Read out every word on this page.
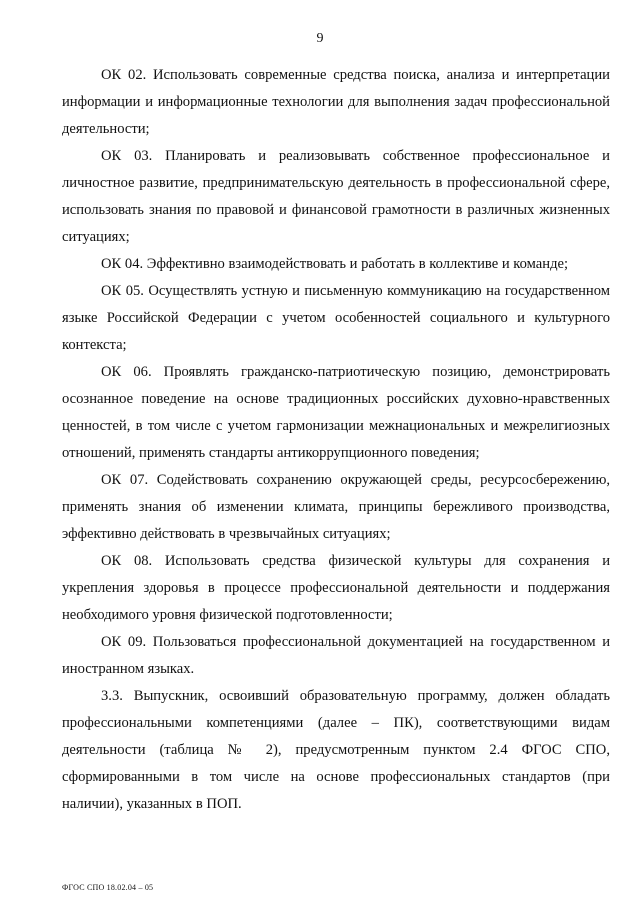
9

ОК 02. Использовать современные средства поиска, анализа и интерпретации информации и информационные технологии для выполнения задач профессиональной деятельности;

ОК 03. Планировать и реализовывать собственное профессиональное и личностное развитие, предпринимательскую деятельность в профессиональной сфере, использовать знания по правовой и финансовой грамотности в различных жизненных ситуациях;

ОК 04. Эффективно взаимодействовать и работать в коллективе и команде;

ОК 05. Осуществлять устную и письменную коммуникацию на государственном языке Российской Федерации с учетом особенностей социального и культурного контекста;

ОК 06. Проявлять гражданско-патриотическую позицию, демонстрировать осознанное поведение на основе традиционных российских духовно-нравственных ценностей, в том числе с учетом гармонизации межнациональных и межрелигиозных отношений, применять стандарты антикоррупционного поведения;

ОК 07. Содействовать сохранению окружающей среды, ресурсосбережению, применять знания об изменении климата, принципы бережливого производства, эффективно действовать в чрезвычайных ситуациях;

ОК 08. Использовать средства физической культуры для сохранения и укрепления здоровья в процессе профессиональной деятельности и поддержания необходимого уровня физической подготовленности;

ОК 09. Пользоваться профессиональной документацией на государственном и иностранном языках.

3.3. Выпускник, освоивший образовательную программу, должен обладать профессиональными компетенциями (далее – ПК), соответствующими видам деятельности (таблица № 2), предусмотренным пунктом 2.4 ФГОС СПО, сформированными в том числе на основе профессиональных стандартов (при наличии), указанных в ПОП.

ФГОС СПО 18.02.04 – 05
